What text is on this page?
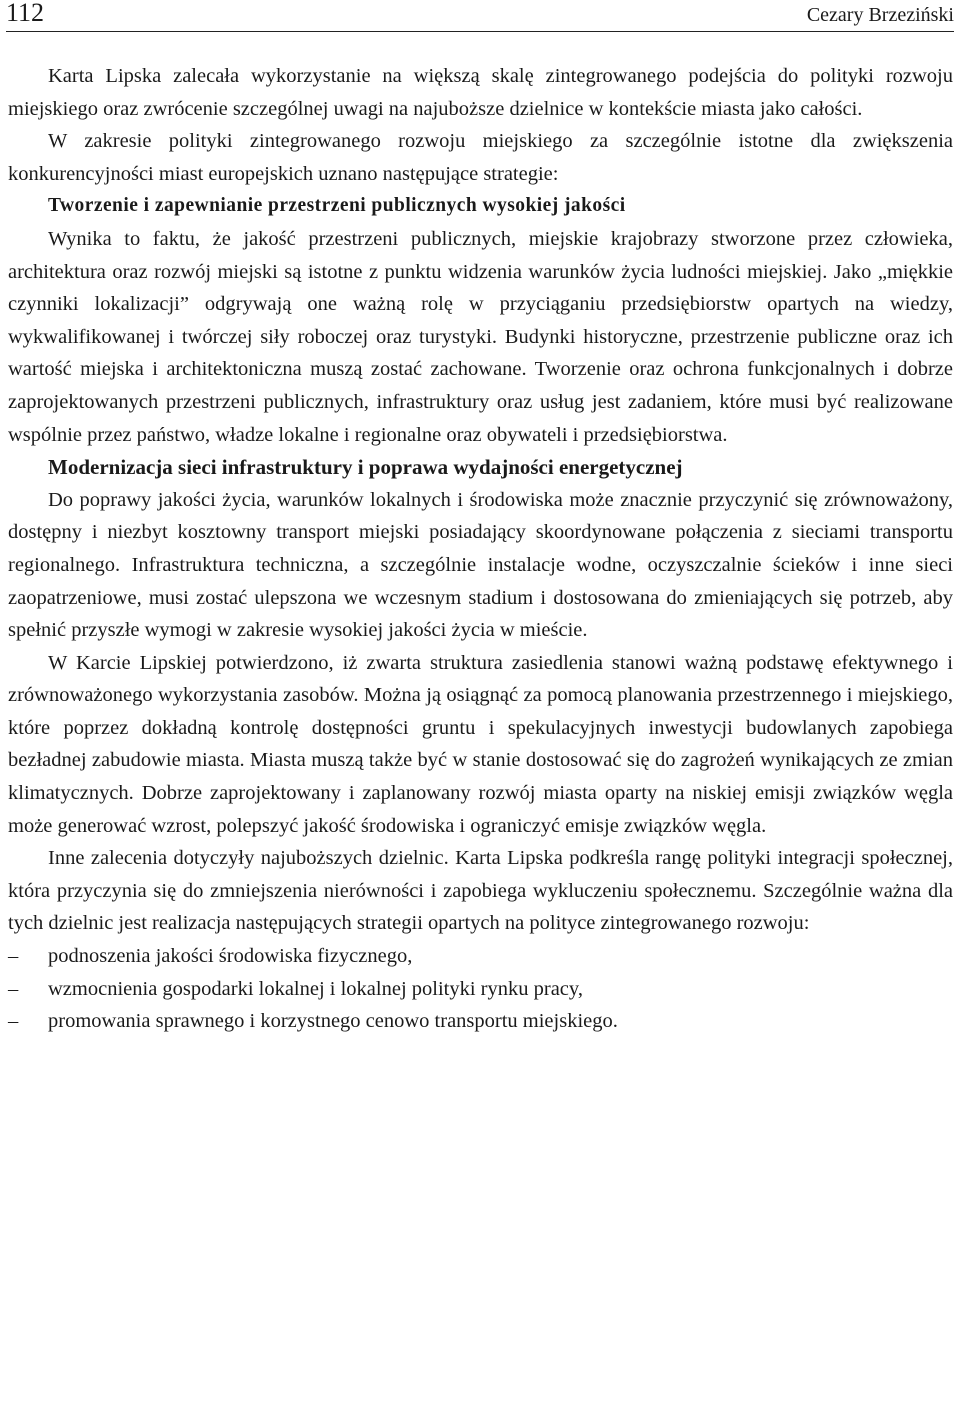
112	Cezary Brzeziński

Karta Lipska zalecała wykorzystanie na większą skalę zintegrowanego podejścia do polityki rozwoju miejskiego oraz zwrócenie szczególnej uwagi na najuboższe dzielnice w kontekście miasta jako całości.

W zakresie polityki zintegrowanego rozwoju miejskiego za szczególnie istotne dla zwiększenia konkurencyjności miast europejskich uznano następujące strategie:

Tworzenie i zapewnianie przestrzeni publicznych wysokiej jakości

Wynika to faktu, że jakość przestrzeni publicznych, miejskie krajobrazy stworzone przez człowieka, architektura oraz rozwój miejski są istotne z punktu widzenia warunków życia ludności miejskiej. Jako „miękkie czynniki lokalizacji” odgrywają one ważną rolę w przyciąganiu przedsiębiorstw opartych na wiedzy, wykwalifikowanej i twórczej siły roboczej oraz turystyki. Budynki historyczne, przestrzenie publiczne oraz ich wartość miejska i architektoniczna muszą zostać zachowane. Tworzenie oraz ochrona funkcjonalnych i dobrze zaprojektowanych przestrzeni publicznych, infrastruktury oraz usług jest zadaniem, które musi być realizowane wspólnie przez państwo, władze lokalne i regionalne oraz obywateli i przedsiębiorstwa.

Modernizacja sieci infrastruktury i poprawa wydajności energetycznej

Do poprawy jakości życia, warunków lokalnych i środowiska może znacznie przyczynić się zrównoważony, dostępny i niezbyt kosztowny transport miejski posiadający skoordynowane połączenia z sieciami transportu regionalnego. Infrastruktura techniczna, a szczególnie instalacje wodne, oczyszczalnie ścieków i inne sieci zaopatrzeniowe, musi zostać ulepszona we wczesnym stadium i dostosowana do zmieniających się potrzeb, aby spełnić przyszłe wymogi w zakresie wysokiej jakości życia w mieście.

W Karcie Lipskiej potwierdzono, iż zwarta struktura zasiedlenia stanowi ważną podstawę efektywnego i zrównoważonego wykorzystania zasobów. Można ją osiągnąć za pomocą planowania przestrzennego i miejskiego, które poprzez dokładną kontrolę dostępności gruntu i spekulacyjnych inwestycji budowlanych zapobiega bezładnej zabudowie miasta. Miasta muszą także być w stanie dostosować się do zagrożeń wynikających ze zmian klimatycznych. Dobrze zaprojektowany i zaplanowany rozwój miasta oparty na niskiej emisji związków węgla może generować wzrost, polepszyć jakość środowiska i ograniczyć emisje związków węgla.

Inne zalecenia dotyczyły najuboższych dzielnic. Karta Lipska podkreśla rangę polityki integracji społecznej, która przyczynia się do zmniejszenia nierówności i zapobiega wykluczeniu społecznemu. Szczególnie ważna dla tych dzielnic jest realizacja następujących strategii opartych na polityce zintegrowanego rozwoju:

– podnoszenia jakości środowiska fizycznego,
– wzmocnienia gospodarki lokalnej i lokalnej polityki rynku pracy,
– promowania sprawnego i korzystnego cenowo transportu miejskiego.
